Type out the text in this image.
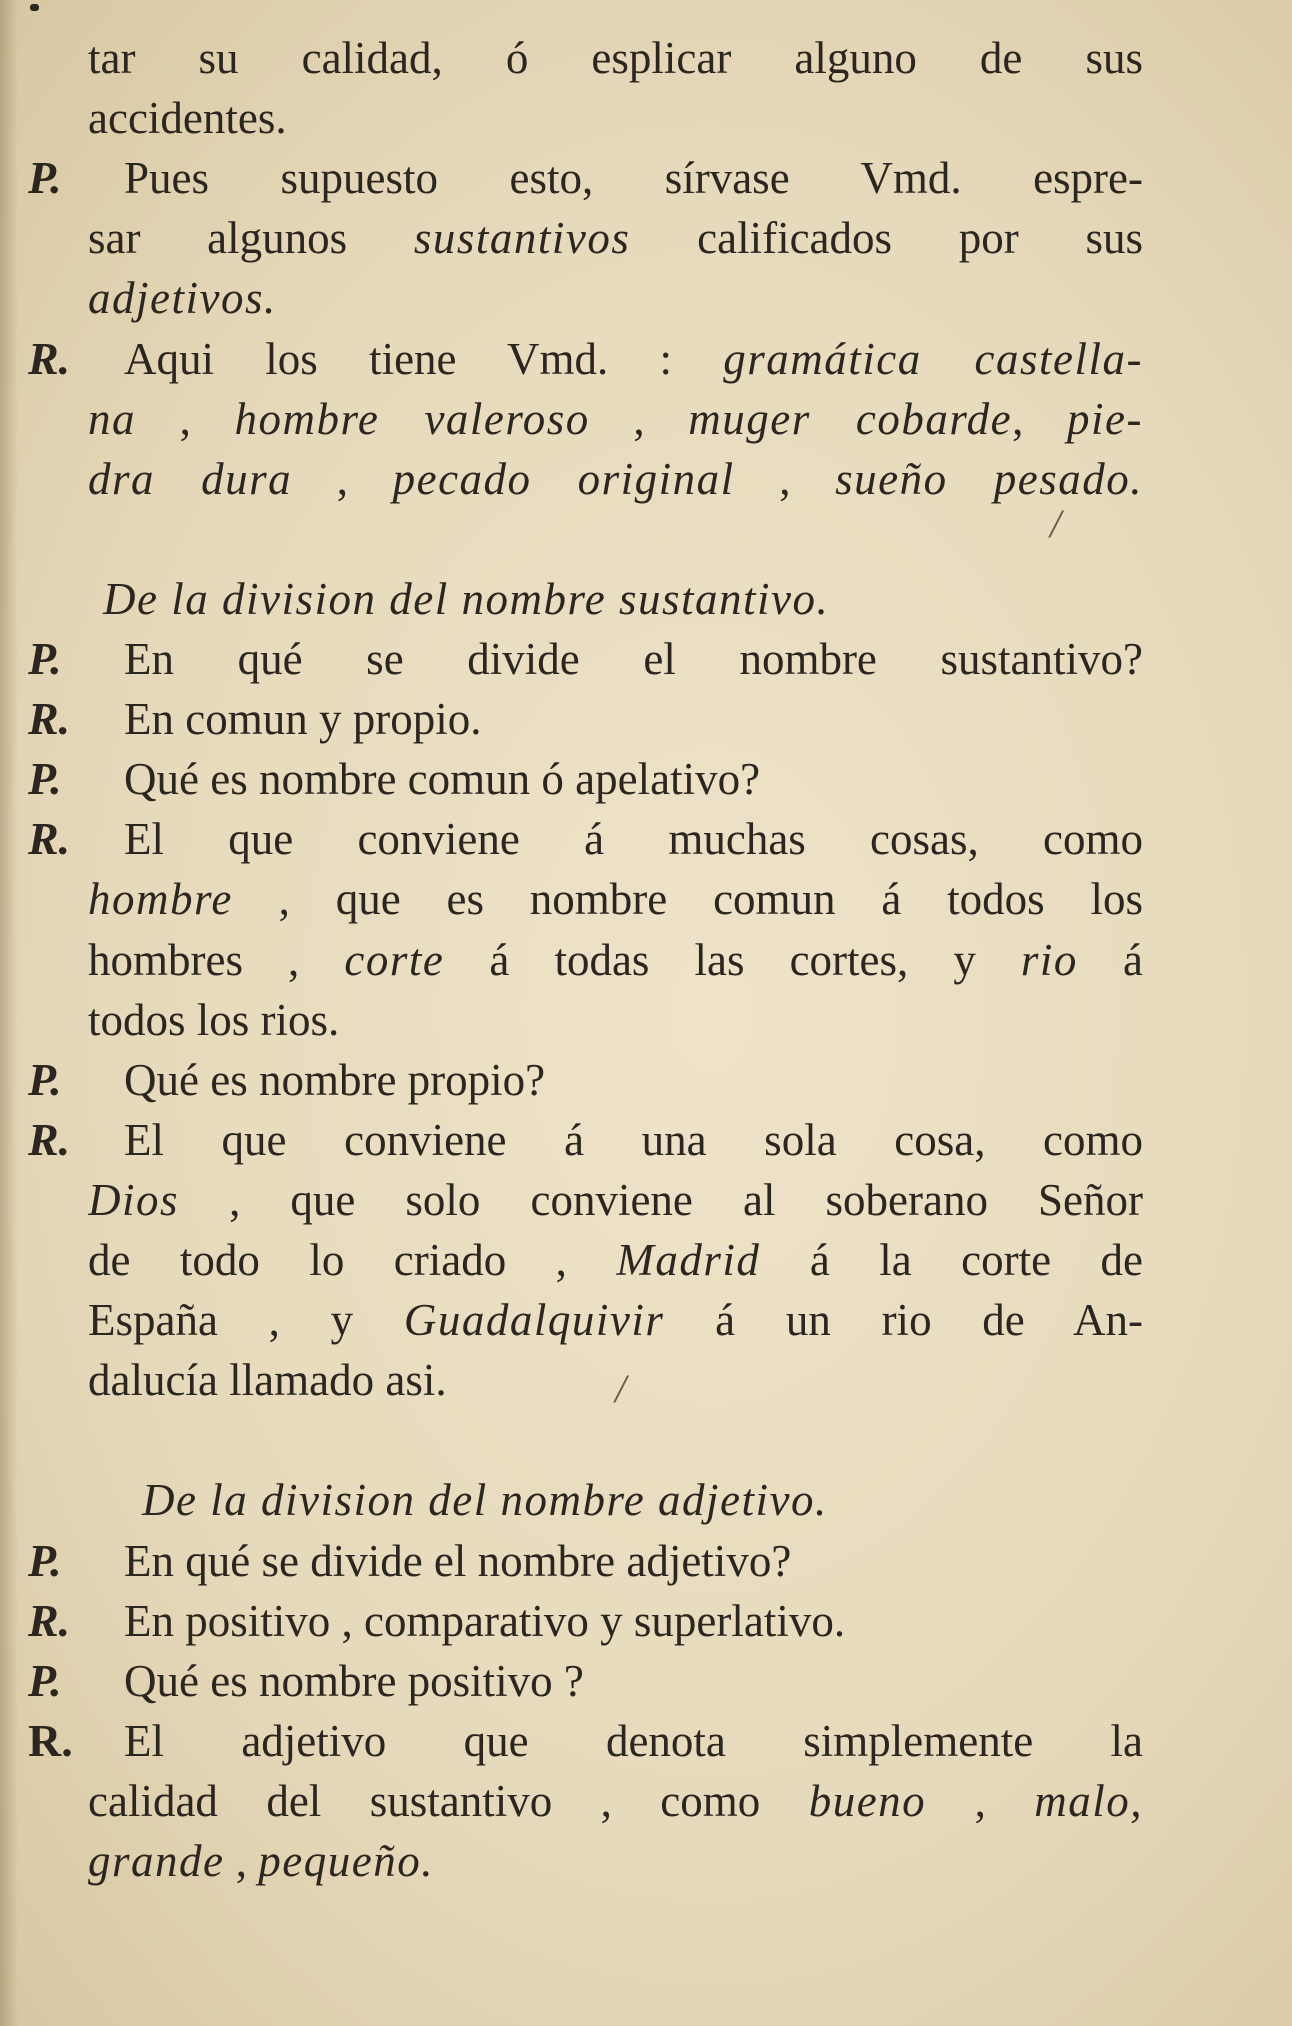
/
/
tar su calidad, ó esplicar alguno de sus
accidentes.
P. Pues supuesto esto, sírvase Vmd. espre-
sar algunos sustantivos calificados por sus
adjetivos.
R. Aqui los tiene Vmd. : gramática castella-
na , hombre valeroso , muger cobarde, pie-
dra dura , pecado original , sueño pesado.
De la division del nombre sustantivo.
P. En qué se divide el nombre sustantivo?
R. En comun y propio.
P. Qué es nombre comun ó apelativo?
R. El que conviene á muchas cosas, como
hombre , que es nombre comun á todos los
hombres , corte á todas las cortes, y rio á
todos los rios.
P. Qué es nombre propio?
R. El que conviene á una sola cosa, como
Dios , que solo conviene al soberano Señor
de todo lo criado , Madrid á la corte de
España , y Guadalquivir á un rio de An-
dalucía llamado asi.
De la division del nombre adjetivo.
P. En qué se divide el nombre adjetivo?
R. En positivo , comparativo y superlativo.
P. Qué es nombre positivo ?
R. El adjetivo que denota simplemente la
calidad del sustantivo , como bueno , malo,
grande , pequeño.
